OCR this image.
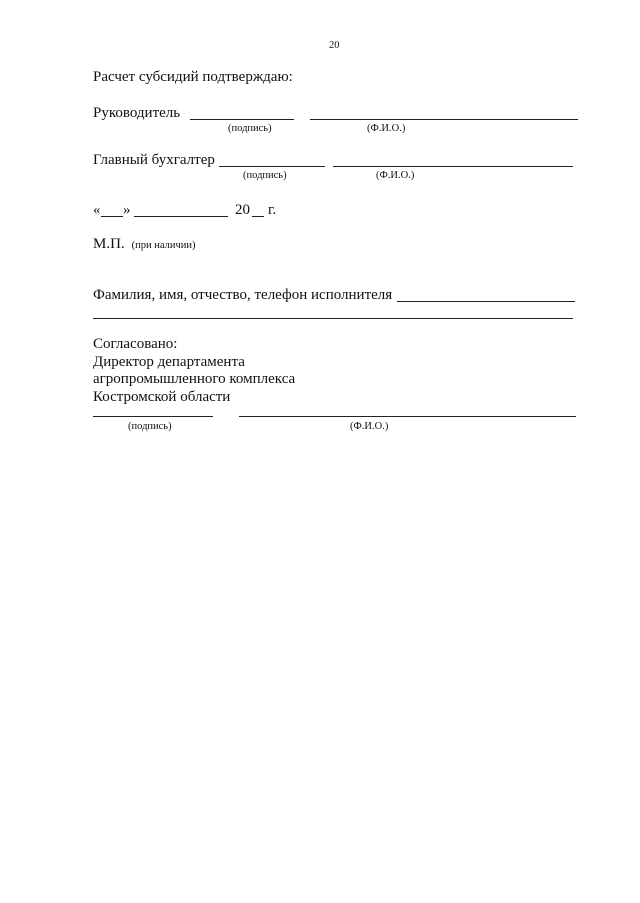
20
Расчет субсидий подтверждаю:
Руководитель
(подпись)	(Ф.И.О.)
Главный бухгалтер
(подпись)	(Ф.И.О.)
« »	20 г.
М.П. (при наличии)
Фамилия, имя, отчество, телефон исполнителя
Согласовано:
Директор департамента
агропромышленного комплекса
Костромской области
(подпись)	(Ф.И.О.)
